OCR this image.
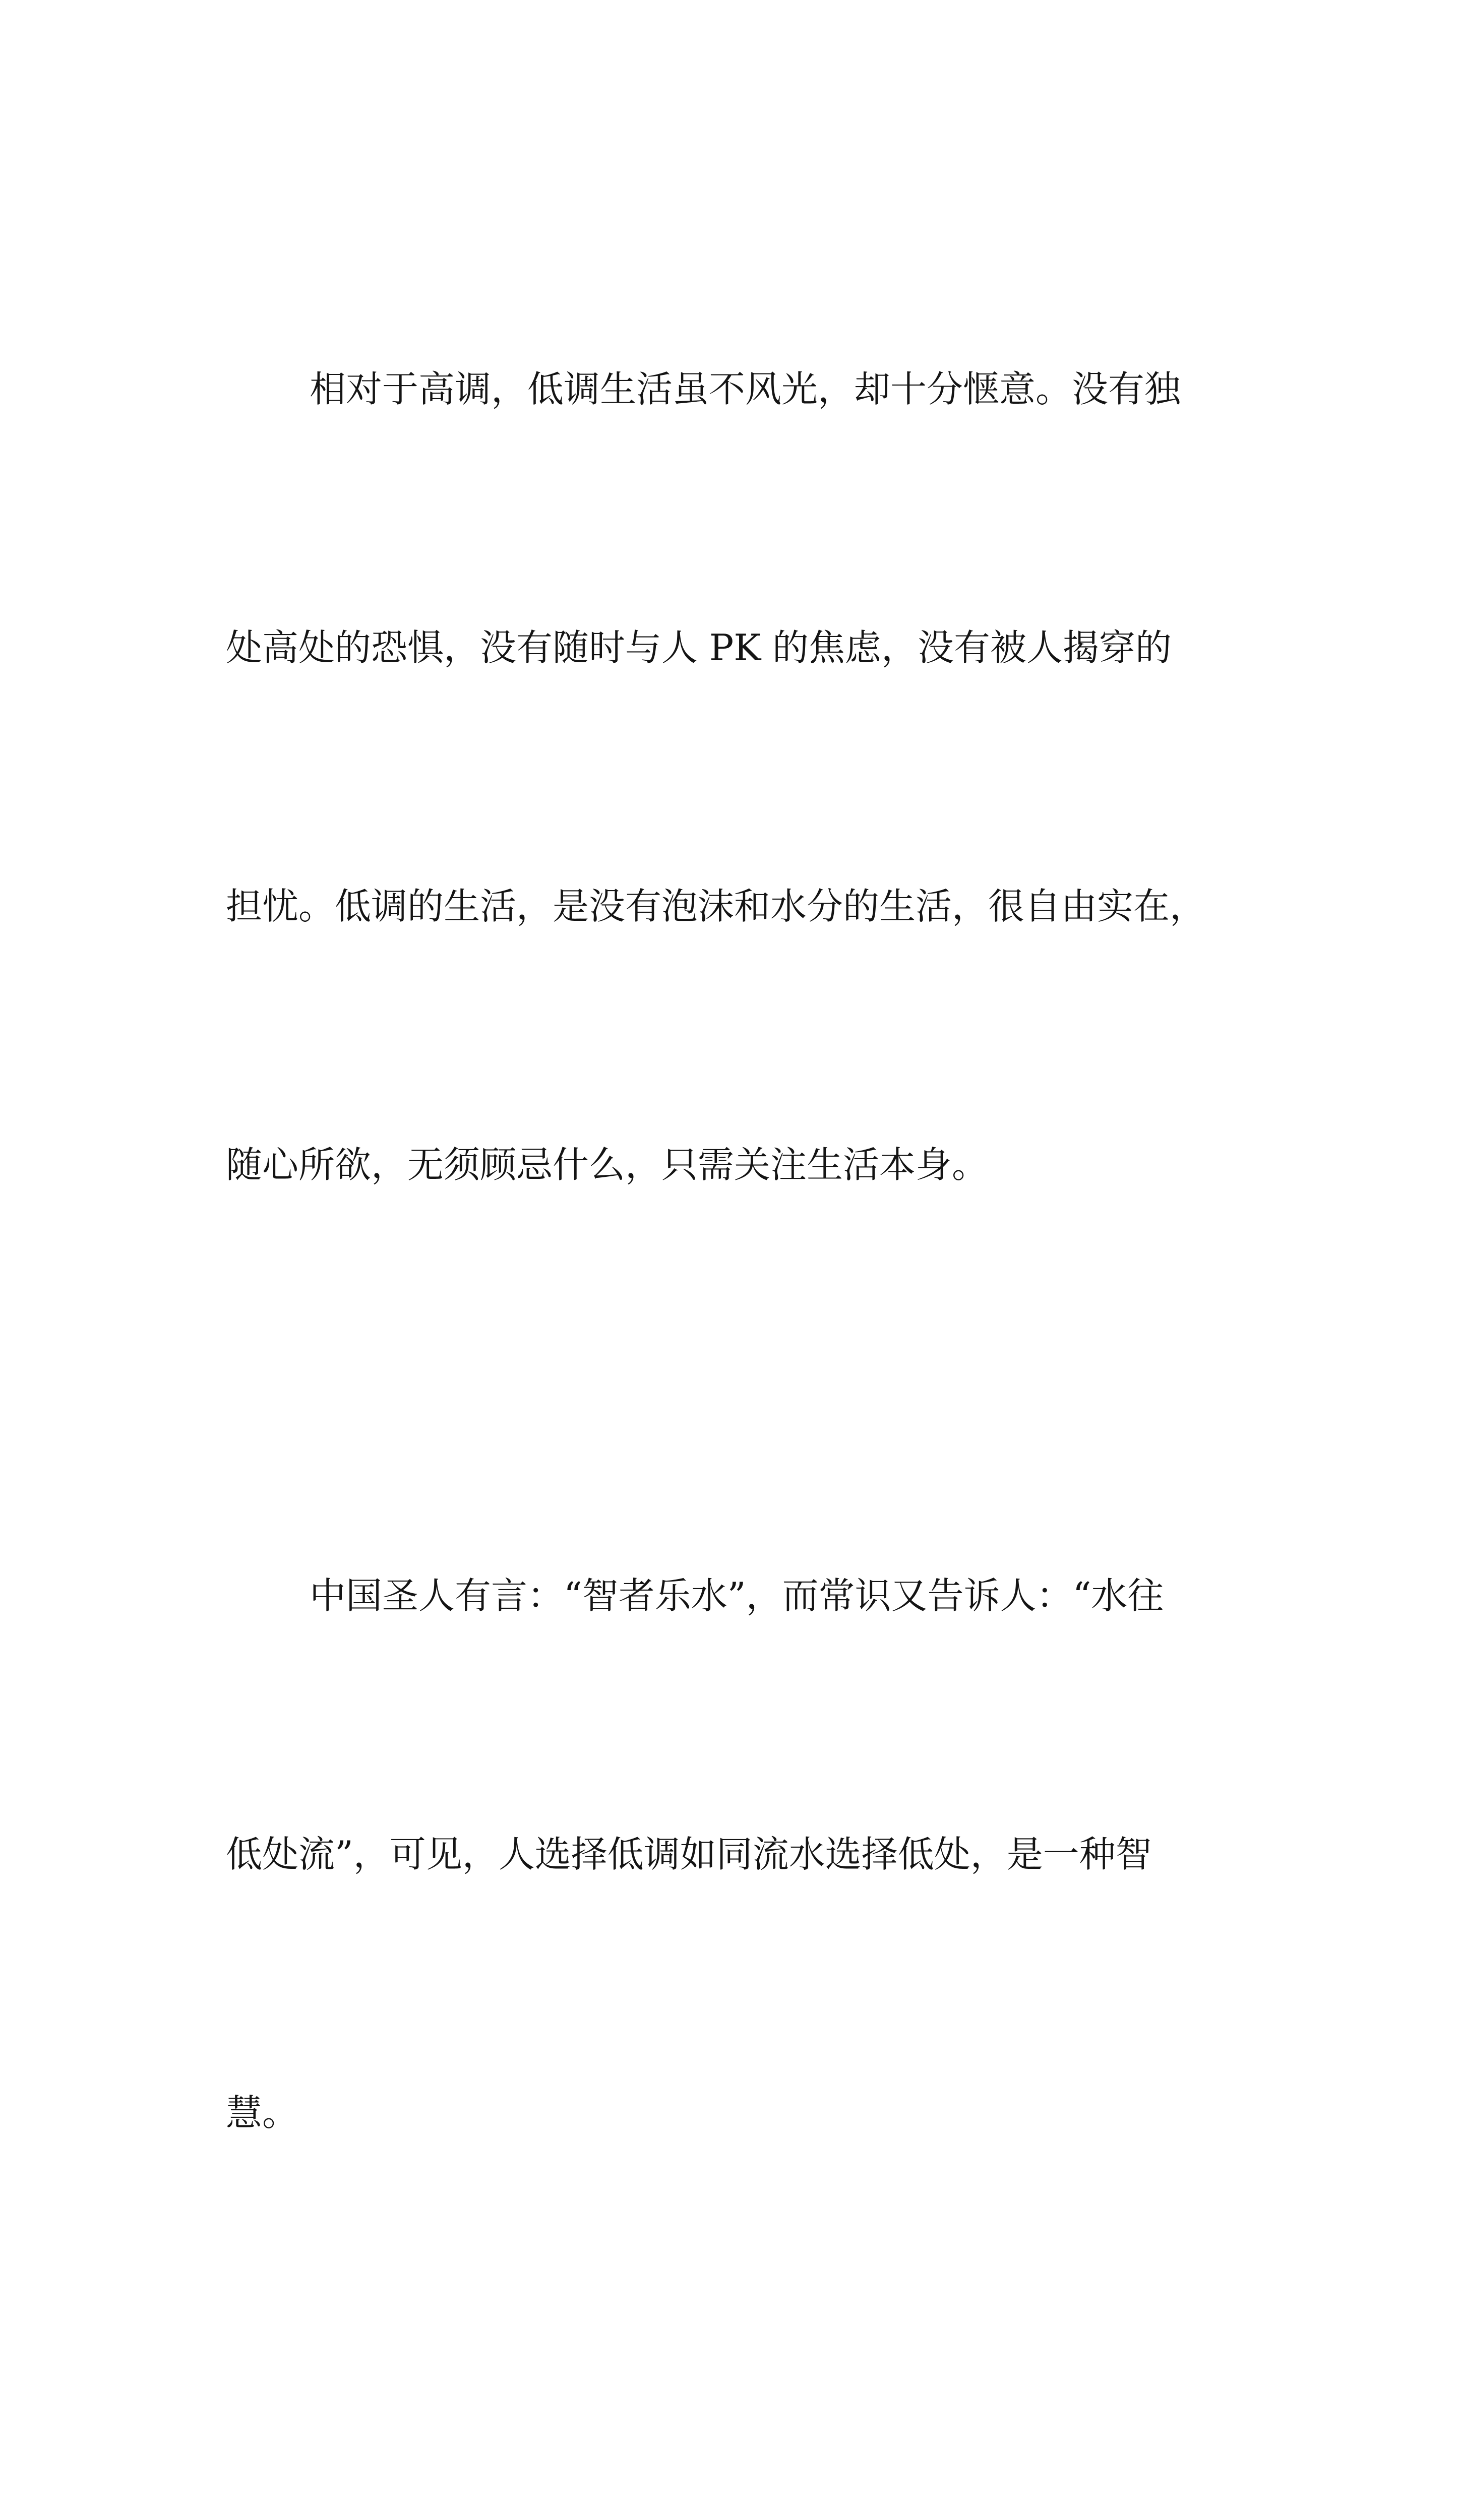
相对于高调，低调生活虽不风光，却十分惬意。没有独

处高处的恐惧，没有随时与人 PK 的焦虑，没有被人揭穿的

担忧。低调的生活，是没有泡沫和水分的生活，很自由实在，

随心所欲，无须顾忌什么，只需关注生活本身。

中国圣人有言：“智者乐水”，而常识又告诉人：“水往

低处流”，可见，人选择低调如同流水选择低处，是一种智

慧。
